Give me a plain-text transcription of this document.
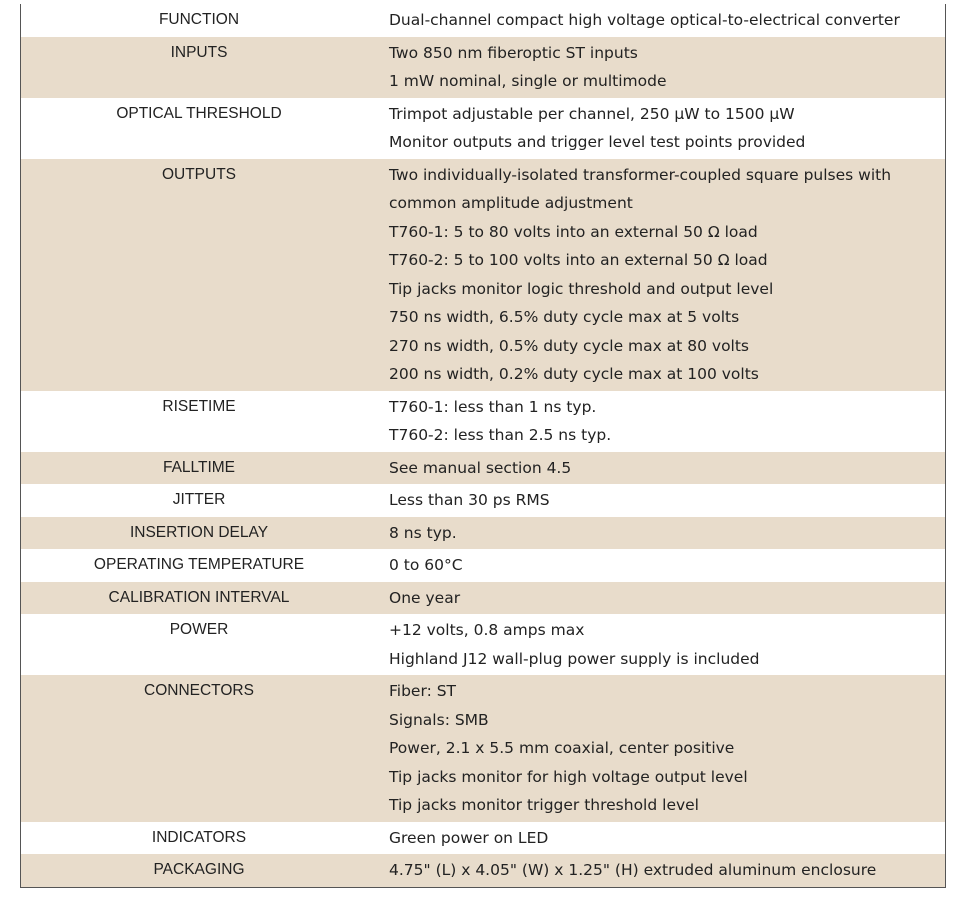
FUNCTION	Dual-channel compact high voltage optical-to-electrical converter
INPUTS	Two 850 nm fiberoptic ST inputs
1 mW nominal, single or multimode
OPTICAL THRESHOLD	Trimpot adjustable per channel, 250 µW to 1500 µW
Monitor outputs and trigger level test points provided
OUTPUTS	Two individually-isolated transformer-coupled square pulses with
common amplitude adjustment
T760-1: 5 to 80 volts into an external 50 Ω load
T760-2: 5 to 100 volts into an external 50 Ω load
Tip jacks monitor logic threshold and output level
750 ns width, 6.5% duty cycle max at 5 volts
270 ns width, 0.5% duty cycle max at 80 volts
200 ns width, 0.2% duty cycle max at 100 volts
RISETIME	T760-1: less than 1 ns typ.
T760-2: less than 2.5 ns typ.
FALLTIME	See manual section 4.5
JITTER	Less than 30 ps RMS
INSERTION DELAY	8 ns typ.
OPERATING TEMPERATURE	0 to 60°C
CALIBRATION INTERVAL	One year
POWER	+12 volts, 0.8 amps max
Highland J12 wall-plug power supply is included
CONNECTORS	Fiber: ST
Signals: SMB
Power, 2.1 x 5.5 mm coaxial, center positive
Tip jacks monitor for high voltage output level
Tip jacks monitor trigger threshold level
INDICATORS	Green power on LED
PACKAGING	4.75" (L) x 4.05" (W) x 1.25" (H) extruded aluminum enclosure
